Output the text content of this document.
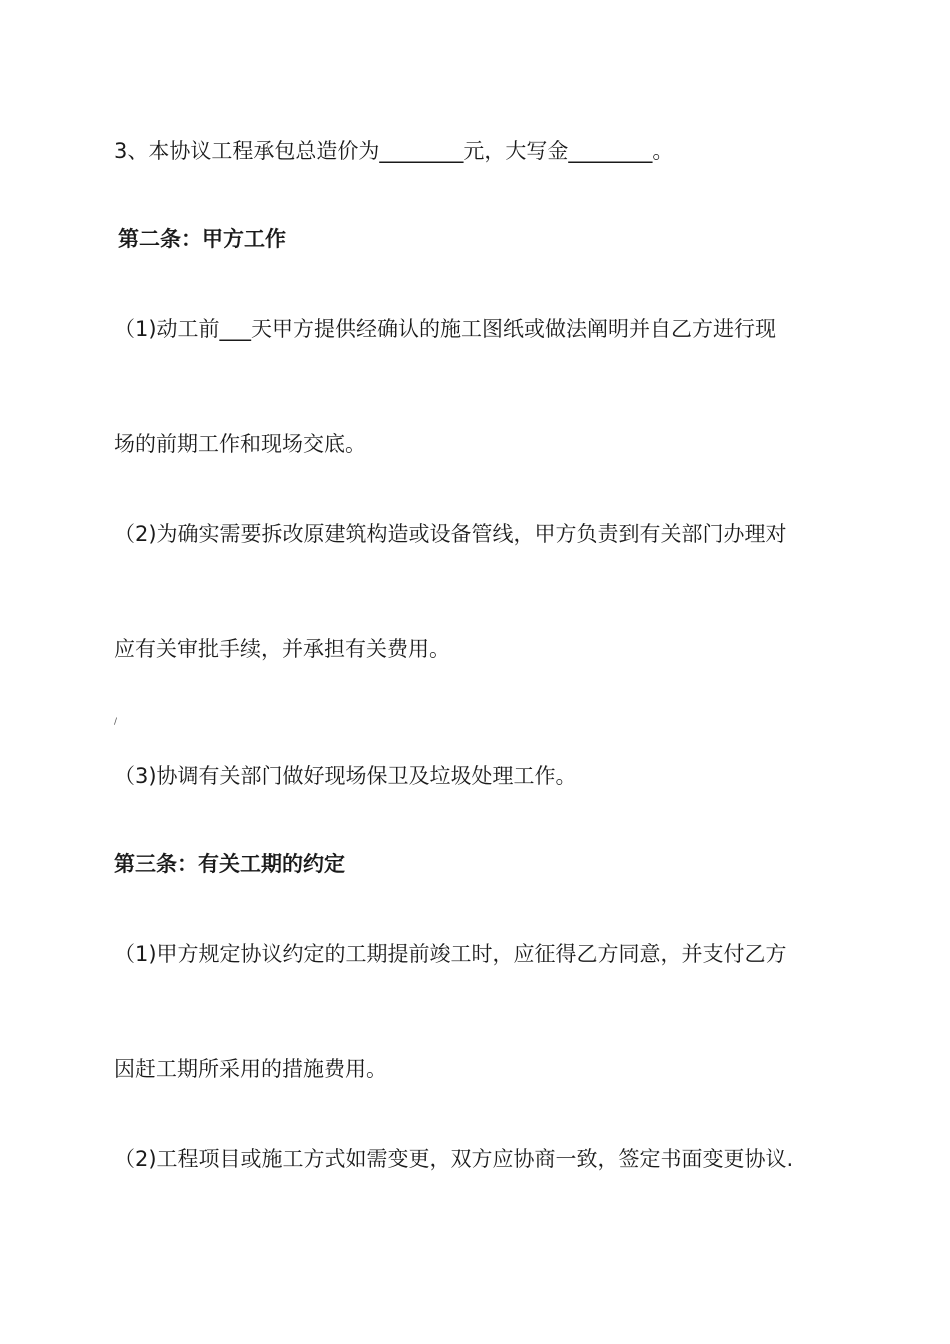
3、本协议工程承包总造价为________元，大写金________。
第二条：甲方工作
（1)动工前___天甲方提供经确认的施工图纸或做法阐明并自乙方进行现
场的前期工作和现场交底。
（2)为确实需要拆改原建筑构造或设备管线，甲方负责到有关部门办理对
应有关审批手续，并承担有关费用。
/
（3)协调有关部门做好现场保卫及垃圾处理工作。
第三条：有关工期的约定
（1)甲方规定协议约定的工期提前竣工时，应征得乙方同意，并支付乙方
因赶工期所采用的措施费用。
（2)工程项目或施工方式如需变更，双方应协商一致，签定书面变更协议.
